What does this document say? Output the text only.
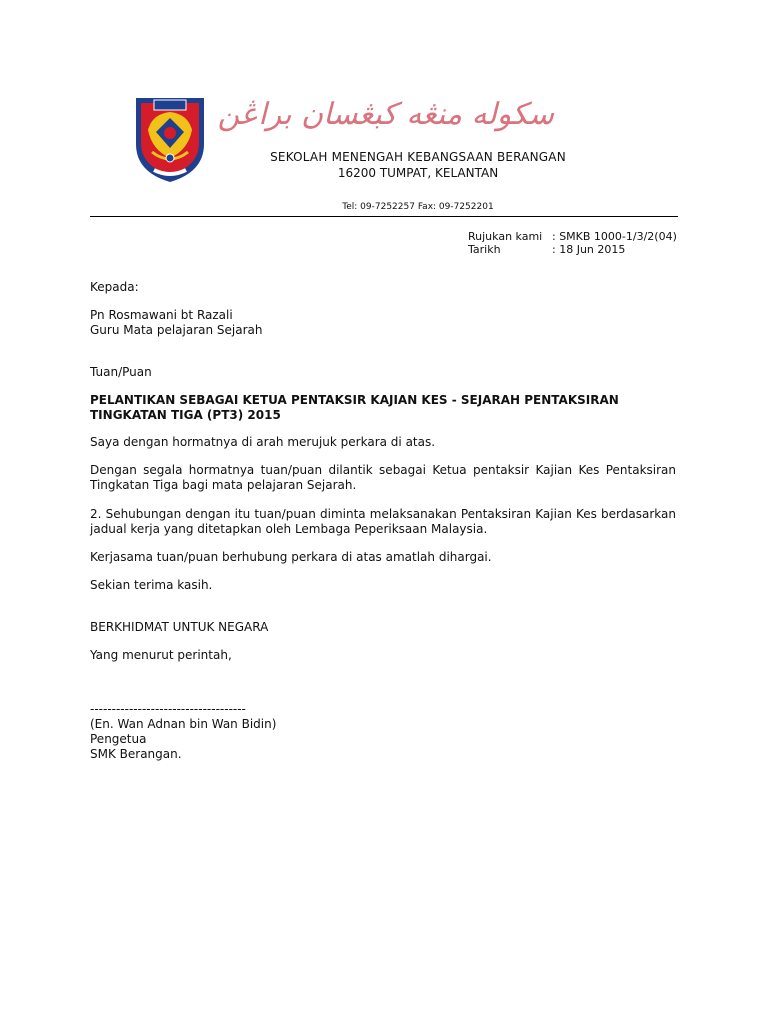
سكوله منڠه كبڠسان براڠن
SEKOLAH MENENGAH KEBANGSAAN BERANGAN
16200 TUMPAT, KELANTAN
Tel: 09-7252257 Fax: 09-7252201
Rujukan kami : SMKB 1000-1/3/2(04)
Tarikh	: 18 Jun 2015
Kepada:
Pn Rosmawani bt Razali
Guru Mata pelajaran Sejarah
Tuan/Puan
PELANTIKAN SEBAGAI KETUA PENTAKSIR KAJIAN KES - SEJARAH PENTAKSIRAN TINGKATAN TIGA (PT3) 2015
Saya dengan hormatnya di arah merujuk perkara di atas.
Dengan segala hormatnya tuan/puan dilantik sebagai Ketua pentaksir Kajian Kes Pentaksiran Tingkatan Tiga bagi mata pelajaran Sejarah.
2. Sehubungan dengan itu tuan/puan diminta melaksanakan Pentaksiran Kajian Kes berdasarkan jadual kerja yang ditetapkan oleh Lembaga Peperiksaan Malaysia.
Kerjasama tuan/puan berhubung perkara di atas amatlah dihargai.
Sekian terima kasih.
BERKHIDMAT UNTUK NEGARA
Yang menurut perintah,
------------------------------------
(En. Wan Adnan bin Wan Bidin)
Pengetua
SMK Berangan.
